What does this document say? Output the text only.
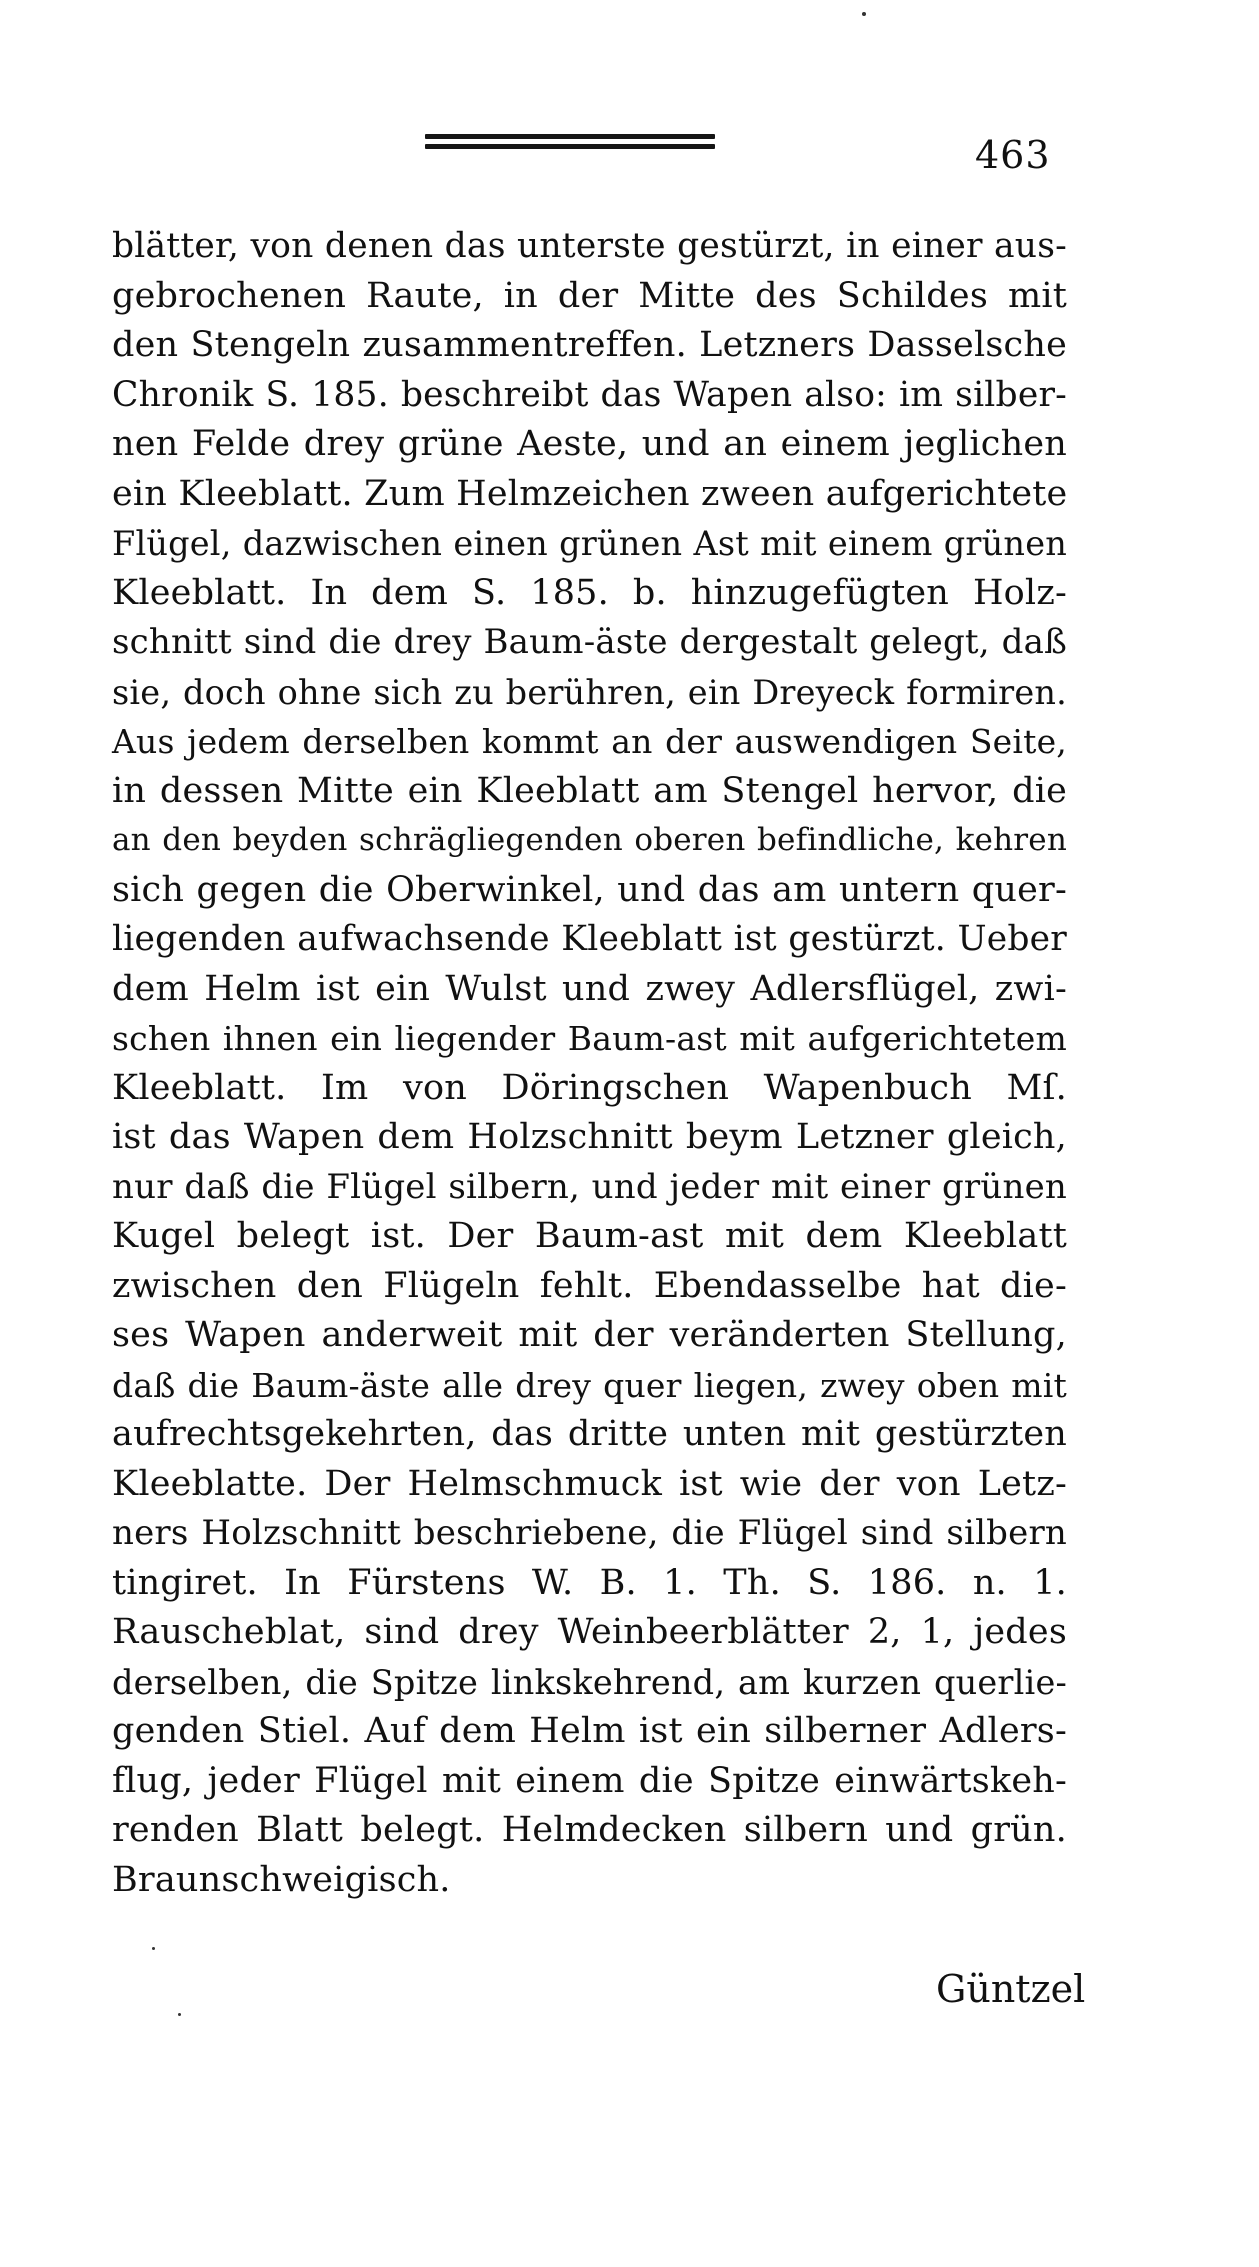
463
blätter, von denen das unterste gestürzt, in einer aus-
gebrochenen Raute, in der Mitte des Schildes mit
den Stengeln zusammentreffen. Letzners Dasselsche
Chronik S. 185. beschreibt das Wapen also: im silber-
nen Felde drey grüne Aeste, und an einem jeglichen
ein Kleeblatt. Zum Helmzeichen zween aufgerichtete
Flügel, dazwischen einen grünen Ast mit einem grünen
Kleeblatt. In dem S. 185. b. hinzugefügten Holz-
schnitt sind die drey Baum-äste dergestalt gelegt, daß
sie, doch ohne sich zu berühren, ein Dreyeck formiren.
Aus jedem derselben kommt an der auswendigen Seite,
in dessen Mitte ein Kleeblatt am Stengel hervor, die
an den beyden schrägliegenden oberen befindliche, kehren
sich gegen die Oberwinkel, und das am untern quer-
liegenden aufwachsende Kleeblatt ist gestürzt. Ueber
dem Helm ist ein Wulst und zwey Adlersflügel, zwi-
schen ihnen ein liegender Baum-ast mit aufgerichtetem
Kleeblatt. Im von Döringschen Wapenbuch Mſ.
ist das Wapen dem Holzschnitt beym Letzner gleich,
nur daß die Flügel silbern, und jeder mit einer grünen
Kugel belegt ist. Der Baum-ast mit dem Kleeblatt
zwischen den Flügeln fehlt. Ebendasselbe hat die-
ses Wapen anderweit mit der veränderten Stellung,
daß die Baum-äste alle drey quer liegen, zwey oben mit
aufrechtsgekehrten, das dritte unten mit gestürzten
Kleeblatte. Der Helmschmuck ist wie der von Letz-
ners Holzschnitt beschriebene, die Flügel sind silbern
tingiret. In Fürstens W. B. 1. Th. S. 186. n. 1.
Rauscheblat, sind drey Weinbeerblätter 2, 1, jedes
derselben, die Spitze linkskehrend, am kurzen querlie-
genden Stiel. Auf dem Helm ist ein silberner Adlers-
flug, jeder Flügel mit einem die Spitze einwärtskeh-
renden Blatt belegt. Helmdecken silbern und grün.
Braunschweigisch.
Güntzel
